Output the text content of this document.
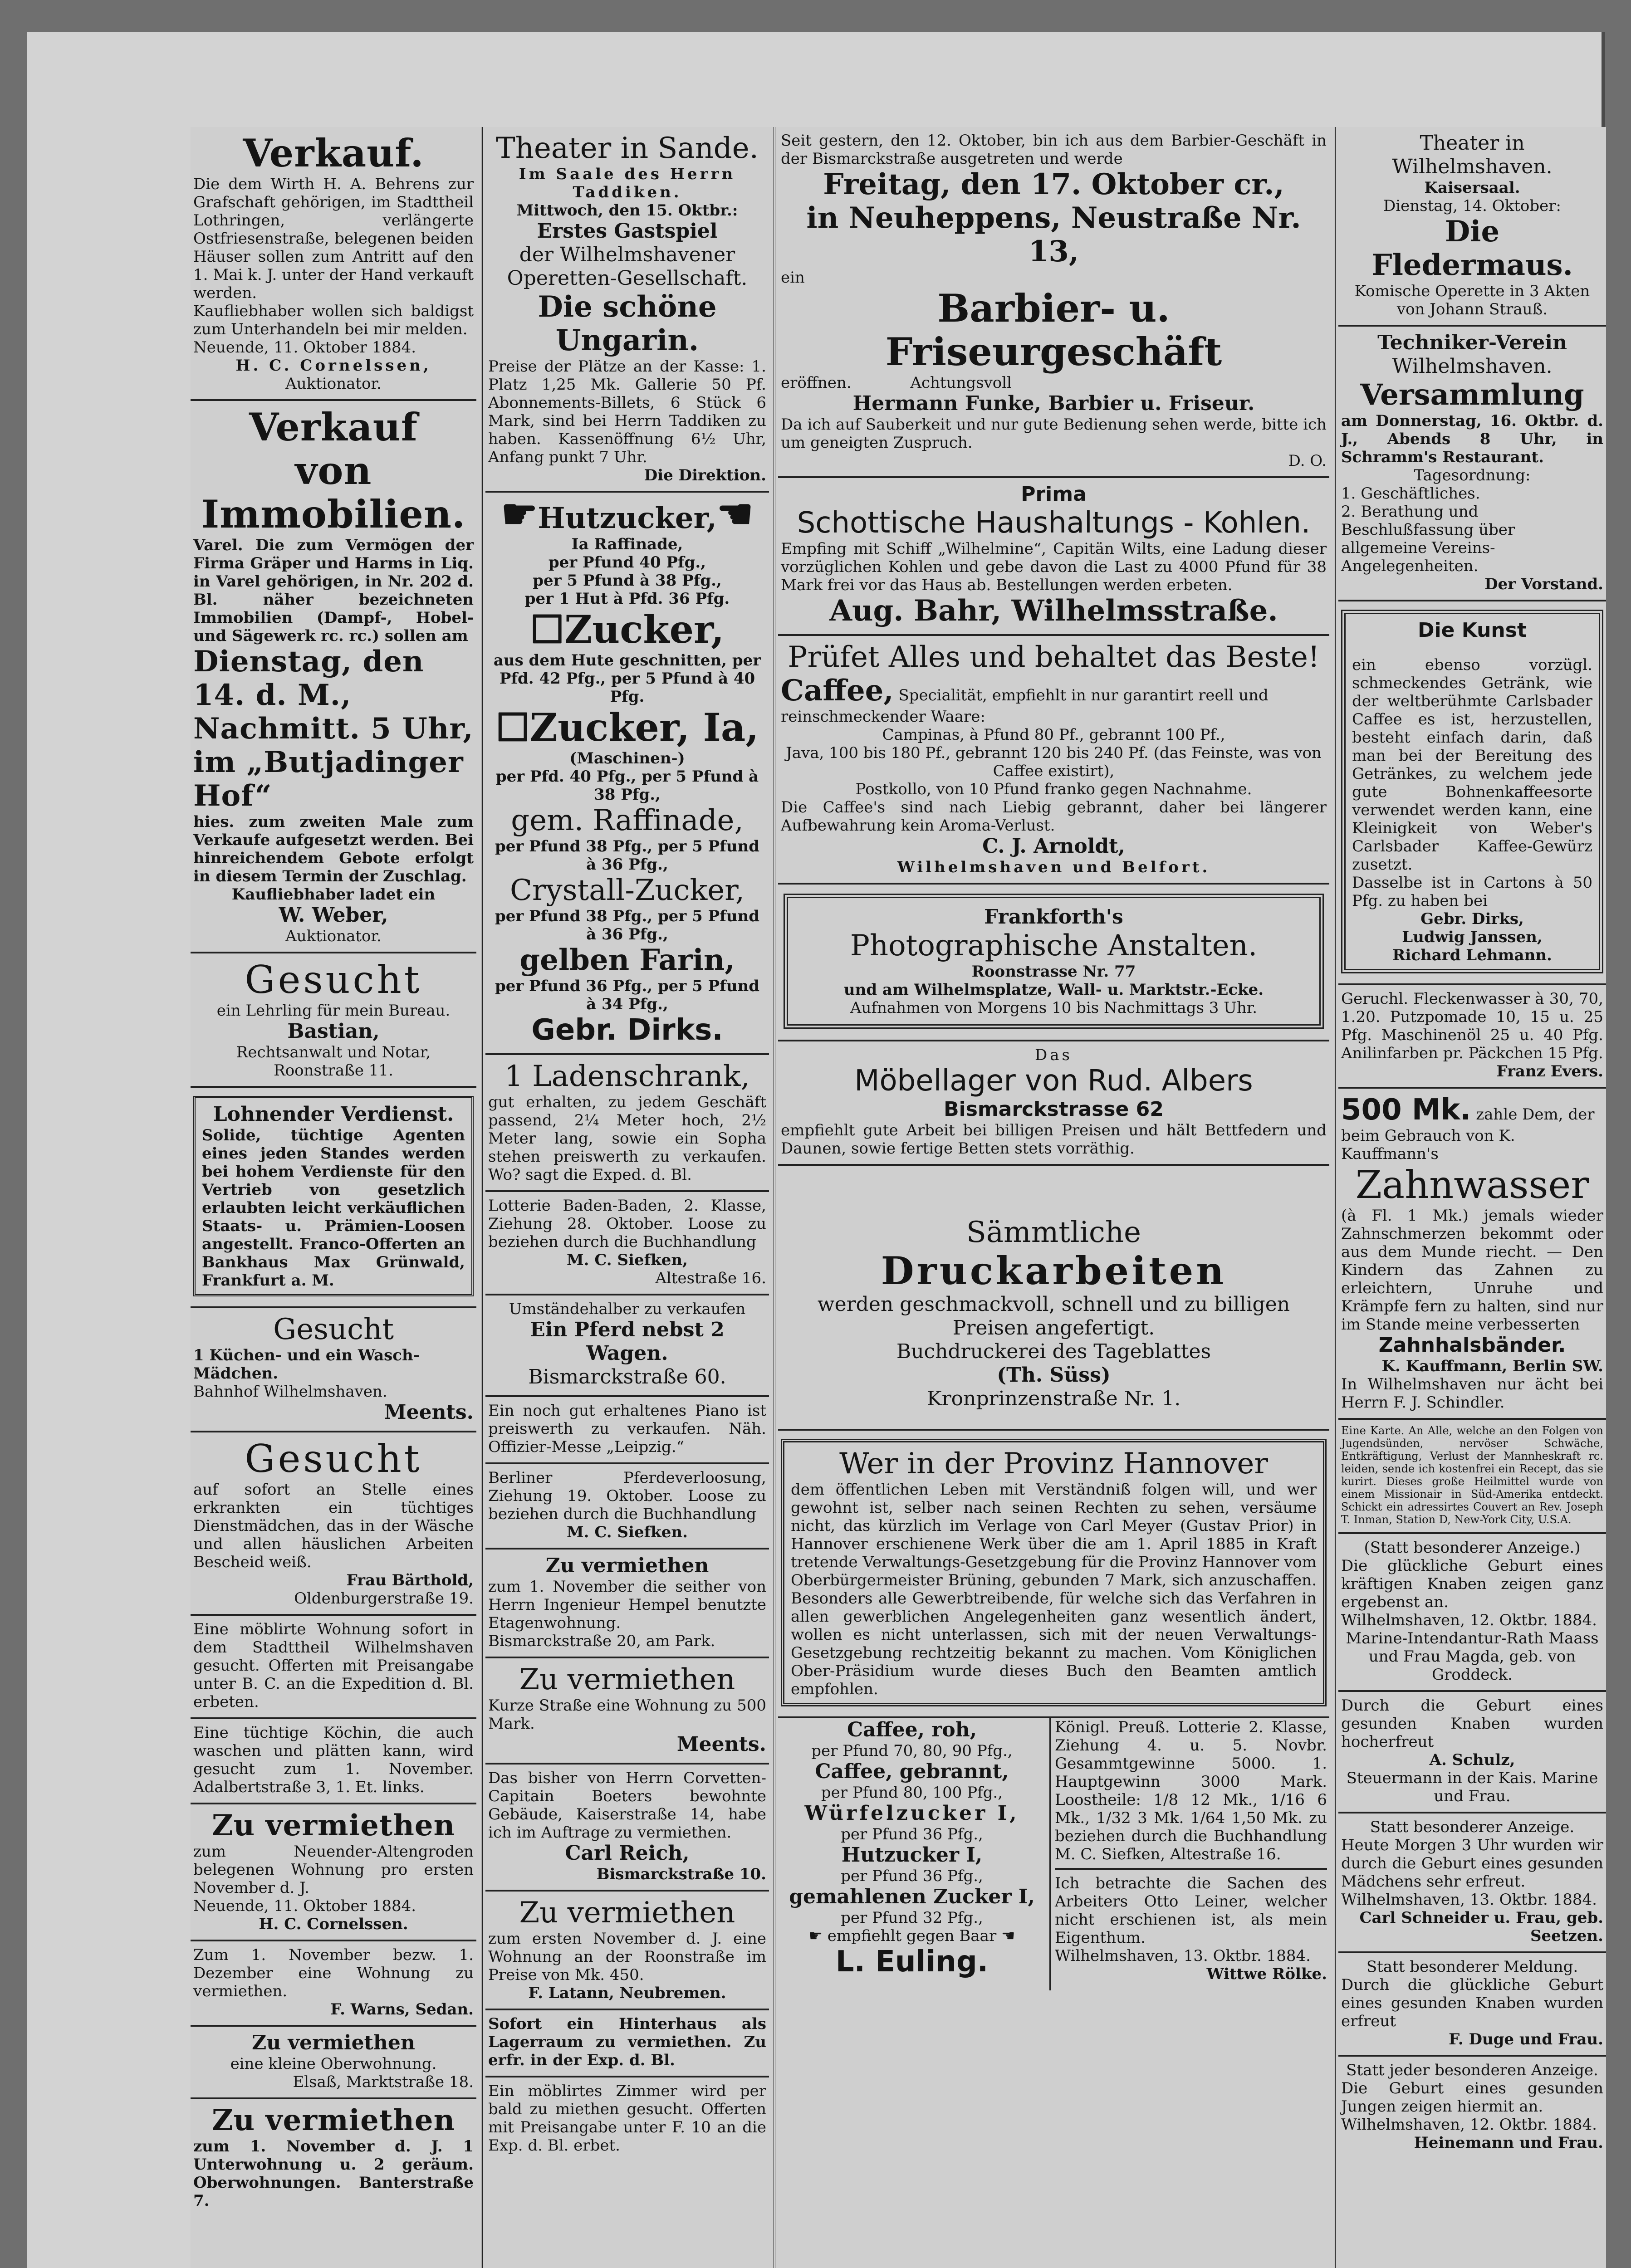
Verkauf.
Die dem Wirth H. A. Behrens zur Grafschaft gehörigen, im Stadttheil Lothringen, verlängerte Ostfriesenstraße, belegenen beiden Häuser sollen zum Antritt auf den 1. Mai k. J. unter der Hand verkauft werden.
Kaufliebhaber wollen sich baldigst zum Unterhandeln bei mir melden.
Neuende, 11. Oktober 1884.
H. C. Cornelssen,
Auktionator.
Verkauf
von Immobilien.
Varel. Die zum Vermögen der Firma Gräper und Harms in Liq. in Varel gehörigen, in Nr. 202 d. Bl. näher bezeichneten Immobilien (Dampf-, Hobel- und Sägewerk rc. rc.) sollen am
Dienstag, den 14. d. M., Nachmitt. 5 Uhr, im „Butjadinger Hof“
hies. zum zweiten Male zum Verkaufe aufgesetzt werden. Bei hinreichendem Gebote erfolgt in diesem Termin der Zuschlag.
Kaufliebhaber ladet ein
W. Weber,
Auktionator.
Gesucht
ein Lehrling für mein Bureau.
Bastian,
Rechtsanwalt und Notar,
Roonstraße 11.
Lohnender Verdienst.
Solide, tüchtige Agenten eines jeden Standes werden bei hohem Verdienste für den Vertrieb von gesetzlich erlaubten leicht verkäuflichen Staats- u. Prämien-Loosen angestellt. Franco-Offerten an Bankhaus Max Grünwald, Frankfurt a. M.
Gesucht
1 Küchen- und ein Wasch-Mädchen.
Bahnhof Wilhelmshaven.
Meents.
Gesucht
auf sofort an Stelle eines erkrankten ein tüchtiges Dienstmädchen, das in der Wäsche und allen häuslichen Arbeiten Bescheid weiß.
Frau Bärthold,
Oldenburgerstraße 19.
Eine möblirte Wohnung sofort in dem Stadttheil Wilhelmshaven gesucht. Offerten mit Preisangabe unter B. C. an die Expedition d. Bl. erbeten.
Eine tüchtige Köchin, die auch waschen und plätten kann, wird gesucht zum 1. November. Adalbertstraße 3, 1. Et. links.
Zu vermiethen
zum Neuender-Altengroden belegenen Wohnung pro ersten November d. J.
Neuende, 11. Oktober 1884.
H. C. Cornelssen.
Zum 1. November bezw. 1. Dezember eine Wohnung zu vermiethen.
F. Warns, Sedan.
Zu vermiethen
eine kleine Oberwohnung.
Elsaß, Marktstraße 18.
Zu vermiethen
zum 1. November d. J. 1 Unterwohnung u. 2 geräum. Oberwohnungen. Banterstraße 7.
Theater in Sande.
Im Saale des Herrn Taddiken.
Mittwoch, den 15. Oktbr.:
Erstes Gastspiel
der Wilhelmshavener Operetten-Gesellschaft.
Die schöne Ungarin.
Preise der Plätze an der Kasse: 1. Platz 1,25 Mk. Gallerie 50 Pf. Abonnements-Billets, 6 Stück 6 Mark, sind bei Herrn Taddiken zu haben. Kassenöffnung 6½ Uhr, Anfang punkt 7 Uhr.
Die Direktion.
☛Hutzucker,☚
Ia Raffinade,
per Pfund 40 Pfg.,
per 5 Pfund à 38 Pfg.,
per 1 Hut à Pfd. 36 Pfg.
☐Zucker,
aus dem Hute geschnitten, per Pfd. 42 Pfg., per 5 Pfund à 40 Pfg.
☐Zucker, Ia,
(Maschinen-)
per Pfd. 40 Pfg., per 5 Pfund à 38 Pfg.,
gem. Raffinade,
per Pfund 38 Pfg., per 5 Pfund à 36 Pfg.,
Crystall-Zucker,
per Pfund 38 Pfg., per 5 Pfund à 36 Pfg.,
gelben Farin,
per Pfund 36 Pfg., per 5 Pfund à 34 Pfg.,
Gebr. Dirks.
1 Ladenschrank,
gut erhalten, zu jedem Geschäft passend, 2¼ Meter hoch, 2½ Meter lang, sowie ein Sopha stehen preiswerth zu verkaufen. Wo? sagt die Exped. d. Bl.
Lotterie Baden-Baden, 2. Klasse, Ziehung 28. Oktober. Loose zu beziehen durch die Buchhandlung
M. C. Siefken,
Altestraße 16.
Umständehalber zu verkaufen
Ein Pferd nebst 2 Wagen.
Bismarckstraße 60.
Ein noch gut erhaltenes Piano ist preiswerth zu verkaufen. Näh. Offizier-Messe „Leipzig.“
Berliner Pferdeverloosung, Ziehung 19. Oktober. Loose zu beziehen durch die Buchhandlung
M. C. Siefken.
Zu vermiethen
zum 1. November die seither von Herrn Ingenieur Hempel benutzte Etagenwohnung.
Bismarckstraße 20, am Park.
Zu vermiethen
Kurze Straße eine Wohnung zu 500 Mark.
Meents.
Das bisher von Herrn Corvetten-Capitain Boeters bewohnte Gebäude, Kaiserstraße 14, habe ich im Auftrage zu vermiethen.
Carl Reich,
Bismarckstraße 10.
Zu vermiethen
zum ersten November d. J. eine Wohnung an der Roonstraße im Preise von Mk. 450.
F. Latann, Neubremen.
Sofort ein Hinterhaus als Lagerraum zu vermiethen. Zu erfr. in der Exp. d. Bl.
Ein möblirtes Zimmer wird per bald zu miethen gesucht. Offerten mit Preisangabe unter F. 10 an die Exp. d. Bl. erbet.
Seit gestern, den 12. Oktober, bin ich aus dem Barbier-Geschäft in der Bismarckstraße ausgetreten und werde
Freitag, den 17. Oktober cr.,
in Neuheppens, Neustraße Nr. 13,
ein
Barbier- u. Friseurgeschäft
eröffnen.	Achtungsvoll
Hermann Funke, Barbier u. Friseur.
Da ich auf Sauberkeit und nur gute Bedienung sehen werde, bitte ich um geneigten Zuspruch.
D. O.
Prima
Schottische Haushaltungs - Kohlen.
Empfing mit Schiff „Wilhelmine“, Capitän Wilts, eine Ladung dieser vorzüglichen Kohlen und gebe davon die Last zu 4000 Pfund für 38 Mark frei vor das Haus ab. Bestellungen werden erbeten.
Aug. Bahr, Wilhelmsstraße.
Prüfet Alles und behaltet das Beste!
Caffee, Specialität, empfiehlt in nur garantirt reell und reinschmeckender Waare:
Campinas, à Pfund 80 Pf., gebrannt 100 Pf.,
Java, 100 bis 180 Pf., gebrannt 120 bis 240 Pf. (das Feinste, was von Caffee existirt),
Postkollo, von 10 Pfund franko gegen Nachnahme.
Die Caffee's sind nach Liebig gebrannt, daher bei längerer Aufbewahrung kein Aroma-Verlust.
C. J. Arnoldt,
Wilhelmshaven und Belfort.
Frankforth's
Photographische Anstalten.
Roonstrasse Nr. 77
und am Wilhelmsplatze, Wall- u. Marktstr.-Ecke.
Aufnahmen von Morgens 10 bis Nachmittags 3 Uhr.
Das
Möbellager von Rud. Albers
Bismarckstrasse 62
empfiehlt gute Arbeit bei billigen Preisen und hält Bettfedern und Daunen, sowie fertige Betten stets vorräthig.
Sämmtliche
Druckarbeiten
werden geschmackvoll, schnell und zu billigen Preisen angefertigt.
Buchdruckerei des Tageblattes
(Th. Süss)
Kronprinzenstraße Nr. 1.
Wer in der Provinz Hannover
dem öffentlichen Leben mit Verständniß folgen will, und wer gewohnt ist, selber nach seinen Rechten zu sehen, versäume nicht, das kürzlich im Verlage von Carl Meyer (Gustav Prior) in Hannover erschienene Werk über die am 1. April 1885 in Kraft tretende Verwaltungs-Gesetzgebung für die Provinz Hannover vom Oberbürgermeister Brüning, gebunden 7 Mark, sich anzuschaffen. Besonders alle Gewerbtreibende, für welche sich das Verfahren in allen gewerblichen Angelegenheiten ganz wesentlich ändert, wollen es nicht unterlassen, sich mit der neuen Verwaltungs-Gesetzgebung rechtzeitig bekannt zu machen. Vom Königlichen Ober-Präsidium wurde dieses Buch den Beamten amtlich empfohlen.
Caffee, roh,
per Pfund 70, 80, 90 Pfg.,
Caffee, gebrannt,
per Pfund 80, 100 Pfg.,
Würfelzucker I,
per Pfund 36 Pfg.,
Hutzucker I,
per Pfund 36 Pfg.,
gemahlenen Zucker I,
per Pfund 32 Pfg.,
☛ empfiehlt gegen Baar ☚
L. Euling.
Königl. Preuß. Lotterie 2. Klasse, Ziehung 4. u. 5. Novbr. Gesammtgewinne 5000. 1. Hauptgewinn 3000 Mark. Loostheile: 1/8 12 Mk., 1/16 6 Mk., 1/32 3 Mk. 1/64 1,50 Mk. zu beziehen durch die Buchhandlung M. C. Siefken, Altestraße 16.
Ich betrachte die Sachen des Arbeiters Otto Leiner, welcher nicht erschienen ist, als mein Eigenthum.
Wilhelmshaven, 13. Oktbr. 1884.
Wittwe Rölke.
Theater in Wilhelmshaven.
Kaisersaal.
Dienstag, 14. Oktober:
Die Fledermaus.
Komische Operette in 3 Akten von Johann Strauß.
Techniker-Verein
Wilhelmshaven.
Versammlung
am Donnerstag, 16. Oktbr. d. J., Abends 8 Uhr, in Schramm's Restaurant.
Tagesordnung:
1. Geschäftliches.
2. Berathung und Beschlußfassung über allgemeine Vereins-Angelegenheiten.
Der Vorstand.
Die Kunst
ein ebenso vorzügl. schmeckendes Getränk, wie der weltberühmte Carlsbader Caffee es ist, herzustellen, besteht einfach darin, daß man bei der Bereitung des Getränkes, zu welchem jede gute Bohnenkaffeesorte verwendet werden kann, eine Kleinigkeit von Weber's Carlsbader Kaffee-Gewürz zusetzt.
Dasselbe ist in Cartons à 50 Pfg. zu haben bei
Gebr. Dirks,
Ludwig Janssen,
Richard Lehmann.
Geruchl. Fleckenwasser à 30, 70, 1.20. Putzpomade 10, 15 u. 25 Pfg. Maschinenöl 25 u. 40 Pfg. Anilinfarben pr. Päckchen 15 Pfg.
Franz Evers.
500 Mk. zahle Dem, der beim Gebrauch von K. Kauffmann's
Zahnwasser
(à Fl. 1 Mk.) jemals wieder Zahnschmerzen bekommt oder aus dem Munde riecht. — Den Kindern das Zahnen zu erleichtern, Unruhe und Krämpfe fern zu halten, sind nur im Stande meine verbesserten
Zahnhalsbänder.
K. Kauffmann, Berlin SW.
In Wilhelmshaven nur ächt bei Herrn F. J. Schindler.
Eine Karte. An Alle, welche an den Folgen von Jugendsünden, nervöser Schwäche, Entkräftigung, Verlust der Mannheskraft rc. leiden, sende ich kostenfrei ein Recept, das sie kurirt. Dieses große Heilmittel wurde von einem Missionair in Süd-Amerika entdeckt. Schickt ein adressirtes Couvert an Rev. Joseph T. Inman, Station D, New-York City, U.S.A.
(Statt besonderer Anzeige.)
Die glückliche Geburt eines kräftigen Knaben zeigen ganz ergebenst an.
Wilhelmshaven, 12. Oktbr. 1884.
Marine-Intendantur-Rath Maass und Frau Magda, geb. von Groddeck.
Durch die Geburt eines gesunden Knaben wurden hocherfreut
A. Schulz,
Steuermann in der Kais. Marine und Frau.
Statt besonderer Anzeige.
Heute Morgen 3 Uhr wurden wir durch die Geburt eines gesunden Mädchens sehr erfreut.
Wilhelmshaven, 13. Oktbr. 1884.
Carl Schneider u. Frau, geb. Seetzen.
Statt besonderer Meldung.
Durch die glückliche Geburt eines gesunden Knaben wurden erfreut
F. Duge und Frau.
Statt jeder besonderen Anzeige.
Die Geburt eines gesunden Jungen zeigen hiermit an.
Wilhelmshaven, 12. Oktbr. 1884.
Heinemann und Frau.
